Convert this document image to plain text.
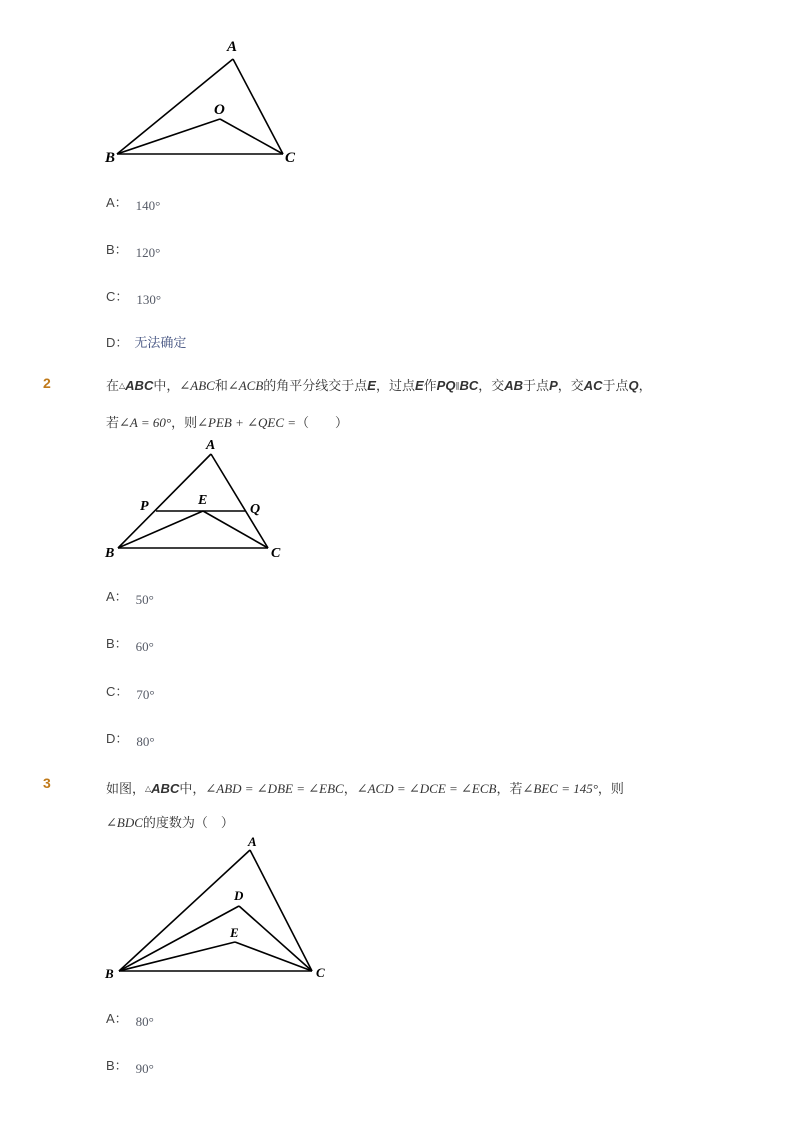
A
O
B	C
A： 140°
B： 120°
C： 130°
D： 无法确定
2	在△ABC中，∠ABC和∠ACB的角平分线交于点E，过点E作PQ∥BC，交AB于点P，交AC于点Q，
若∠A = 60°，则∠PEB + ∠QEC =（　　）
A
P	E
Q
B	C
A： 50°
B： 60°
C： 70°
D： 80°
3	如图，△ABC中，∠ABD = ∠DBE = ∠EBC，∠ACD = ∠DCE = ∠ECB，若∠BEC = 145°，则
∠BDC的度数为（　）
A
D
E
B	C
A： 80°
B： 90°
